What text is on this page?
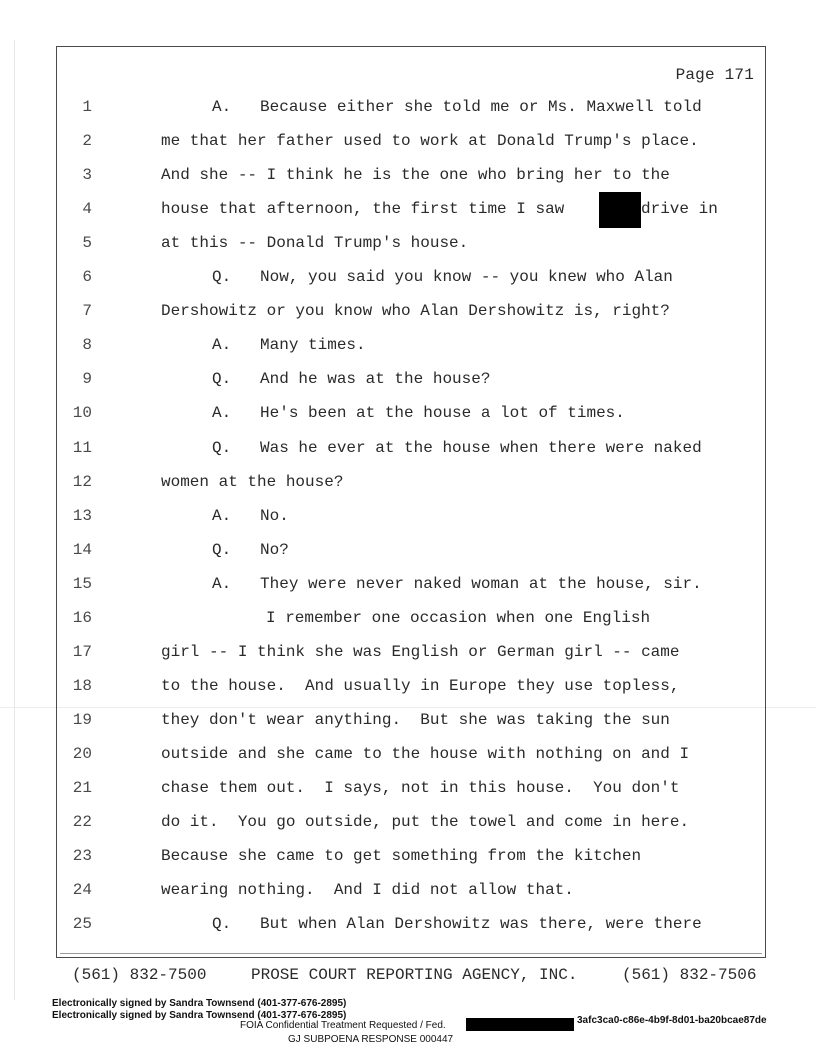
Page 171
1	A.   Because either she told me or Ms. Maxwell told
2	me that her father used to work at Donald Trump's place.
3	And she -- I think he is the one who bring her to the
4	house that afternoon, the first time I saw	drive in
5	at this -- Donald Trump's house.
6	Q.   Now, you said you know -- you knew who Alan
7	Dershowitz or you know who Alan Dershowitz is, right?
8	A.   Many times.
9	Q.   And he was at the house?
10	A.   He's been at the house a lot of times.
11	Q.   Was he ever at the house when there were naked
12	women at the house?
13	A.   No.
14	Q.   No?
15	A.   They were never naked woman at the house, sir.
16	I remember one occasion when one English
17	girl -- I think she was English or German girl -- came
18	to the house.  And usually in Europe they use topless,
19	they don't wear anything.  But she was taking the sun
20	outside and she came to the house with nothing on and I
21	chase them out.  I says, not in this house.  You don't
22	do it.  You go outside, put the towel and come in here.
23	Because she came to get something from the kitchen
24	wearing nothing.  And I did not allow that.
25	Q.   But when Alan Dershowitz was there, were there
(561) 832-7500	PROSE COURT REPORTING AGENCY, INC.	(561) 832-7506
Electronically signed by Sandra Townsend (401-377-676-2895)
Electronically signed by Sandra Townsend (401-377-676-2895)
FOIA Confidential Treatment Requested / Fed.	3afc3ca0-c86e-4b9f-8d01-ba20bcae87de
GJ SUBPOENA RESPONSE 000447
